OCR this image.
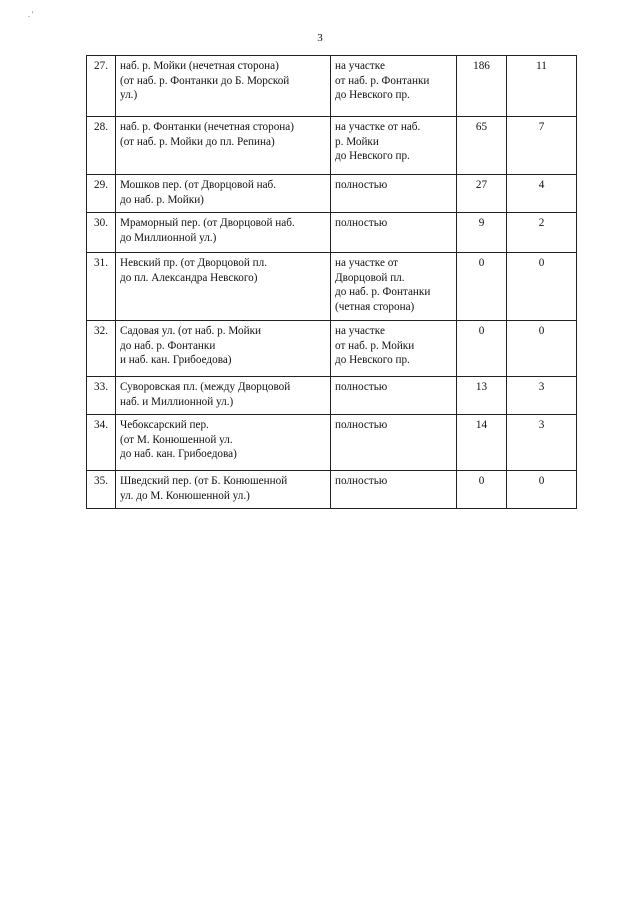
. '
3
27.	наб. р. Мойки (нечетная сторона)
(от наб. р. Фонтанки до Б. Морской
ул.)	на участке
от наб. р. Фонтанки
до Невского пр.	186	11

28.	наб. р. Фонтанки (нечетная сторона)
(от наб. р. Мойки до пл. Репина)	на участке от наб.
р. Мойки
до Невского пр.	65	7

29.	Мошков пер. (от Дворцовой наб.
до наб. р. Мойки)	полностью	27	4

30.	Мраморный пер. (от Дворцовой наб.
до Миллионной ул.)	полностью	9	2

31.	Невский пр. (от Дворцовой пл.
до пл. Александра Невского)	на участке от
Дворцовой пл.
до наб. р. Фонтанки
(четная сторона)	0	0

32.	Садовая ул. (от наб. р. Мойки
до наб. р. Фонтанки
и наб. кан. Грибоедова)	на участке
от наб. р. Мойки
до Невского пр.	0	0

33.	Суворовская пл. (между Дворцовой
наб. и Миллионной ул.)	полностью	13	3

34.	Чебоксарский пер.
(от М. Конюшенной ул.
до наб. кан. Грибоедова)	полностью	14	3

35.	Шведский пер. (от Б. Конюшенной
ул. до М. Конюшенной ул.)	полностью	0	0
